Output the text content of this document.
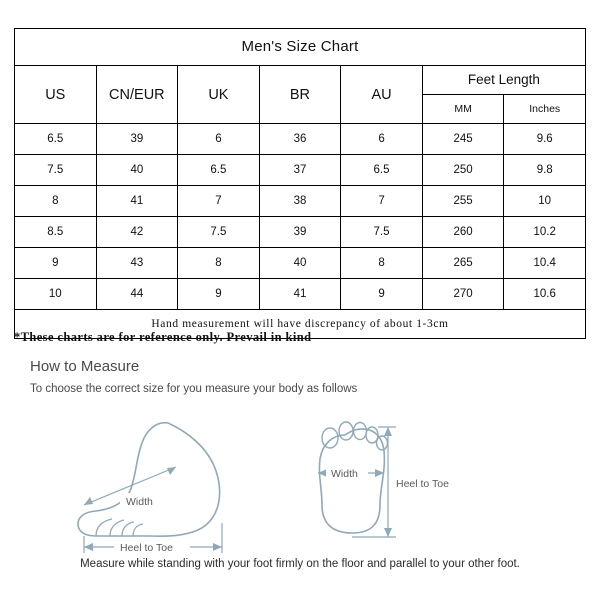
Men's Size Chart						
US	CN/EUR	UK	BR	AU	Feet Length	
					MM	Inches
6.5	39	6	36	6	245	9.6
7.5	40	6.5	37	6.5	250	9.8
8	41	7	38	7	255	10
8.5	42	7.5	39	7.5	260	10.2
9	43	8	40	8	265	10.4
10	44	9	41	9	270	10.6
Hand measurement will have discrepancy of about 1-3cm						
*These charts are for reference only. Prevail in kind
How to Measure
To choose the correct size for you measure your body as follows
Width
Heel to Toe
Width
Heel to Toe
Measure while standing with your foot firmly on the floor and parallel to your other foot.
